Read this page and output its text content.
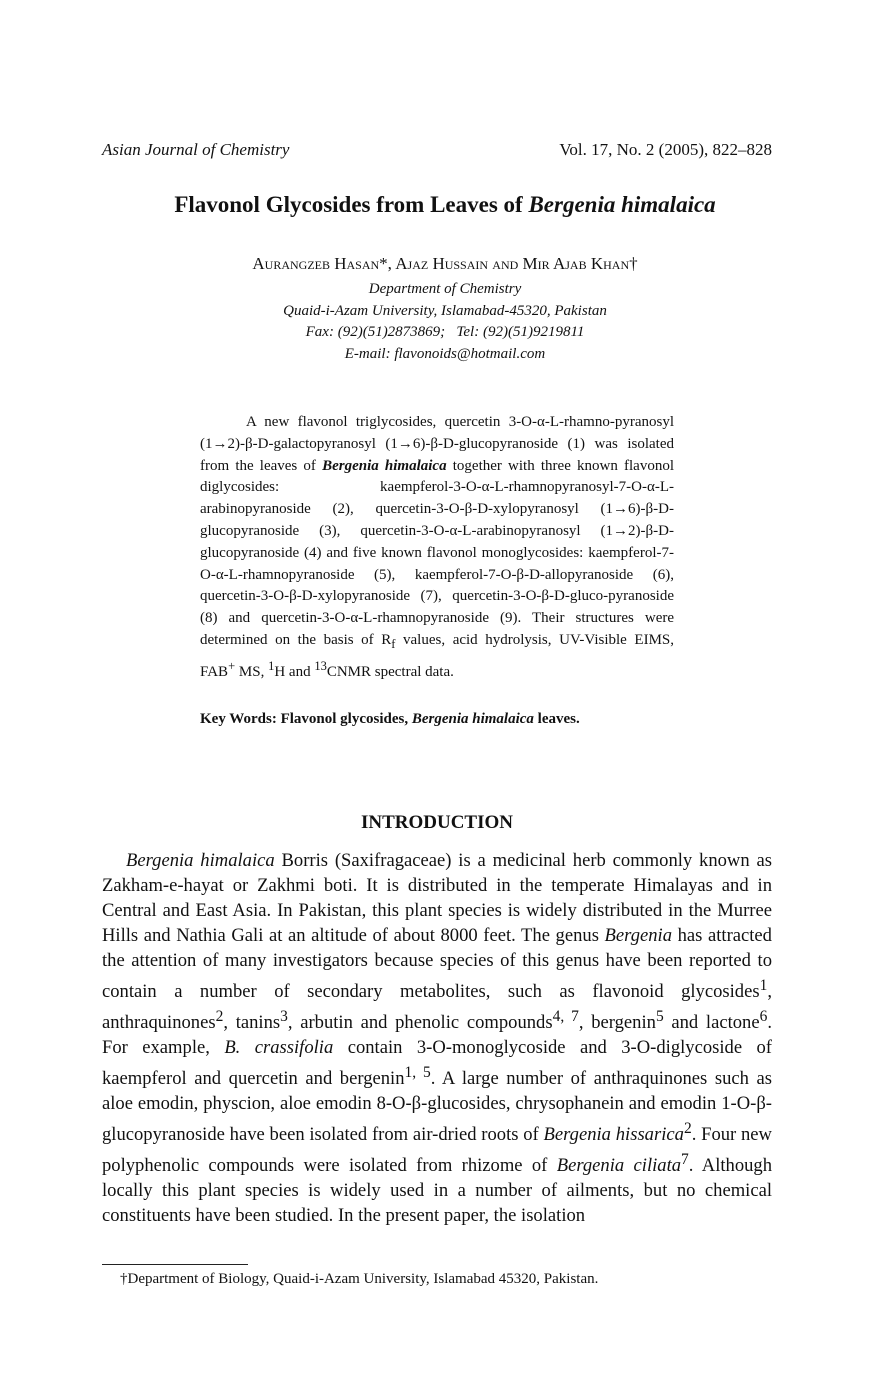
Asian Journal of Chemistry	Vol. 17, No. 2 (2005), 822–828
Flavonol Glycosides from Leaves of Bergenia himalaica
Aurangzeb Hasan*, Ajaz Hussain and Mir Ajab Khan†
Department of Chemistry
Quaid-i-Azam University, Islamabad-45320, Pakistan
Fax: (92)(51)2873869;   Tel: (92)(51)9219811
E-mail: flavonoids@hotmail.com
A new flavonol triglycosides, quercetin 3-O-α-L-rhamno-pyranosyl (1→2)-β-D-galactopyranosyl (1→6)-β-D-glucopyranoside (1) was isolated from the leaves of Bergenia himalaica together with three known flavonol diglycosides: kaempferol-3-O-α-L-rhamnopyranosyl-7-O-α-L-arabinopyranoside (2), quercetin-3-O-β-D-xylopyranosyl (1→6)-β-D-glucopyranoside (3), quercetin-3-O-α-L-arabinopyranosyl (1→2)-β-D-glucopyranoside (4) and five known flavonol monoglycosides: kaempferol-7-O-α-L-rhamnopyranoside (5), kaempferol-7-O-β-D-allopyranoside (6), quercetin-3-O-β-D-xylopyranoside (7), quercetin-3-O-β-D-gluco-pyranoside (8) and quercetin-3-O-α-L-rhamnopyranoside (9). Their structures were determined on the basis of $R_f$ values, acid hydrolysis, UV-Visible EIMS, FAB+ MS, $^1$H and $^{13}$CNMR spectral data.
Key Words: Flavonol glycosides, Bergenia himalaica leaves.
INTRODUCTION
Bergenia himalaica Borris (Saxifragaceae) is a medicinal herb commonly known as Zakham-e-hayat or Zakhmi boti. It is distributed in the temperate Himalayas and in Central and East Asia. In Pakistan, this plant species is widely distributed in the Murree Hills and Nathia Gali at an altitude of about 8000 feet. The genus Bergenia has attracted the attention of many investigators because species of this genus have been reported to contain a number of secondary metabolites, such as flavonoid glycosides$^1$, anthraquinones$^2$, tanins$^3$, arbutin and phenolic compounds$^{4, 7}$, bergenin$^5$ and lactone$^6$. For example, B. crassifolia contain 3-O-monoglycoside and 3-O-diglycoside of kaempferol and quercetin and bergenin$^{1, 5}$. A large number of anthraquinones such as aloe emodin, physcion, aloe emodin 8-O-β-glucosides, chrysophanein and emodin 1-O-β- glucopyranoside have been isolated from air-dried roots of Bergenia hissarica$^2$. Four new polyphenolic compounds were isolated from rhizome of Bergenia ciliata$^7$. Although locally this plant species is widely used in a number of ailments, but no chemical constituents have been studied. In the present paper, the isolation
†Department of Biology, Quaid-i-Azam University, Islamabad 45320, Pakistan.
